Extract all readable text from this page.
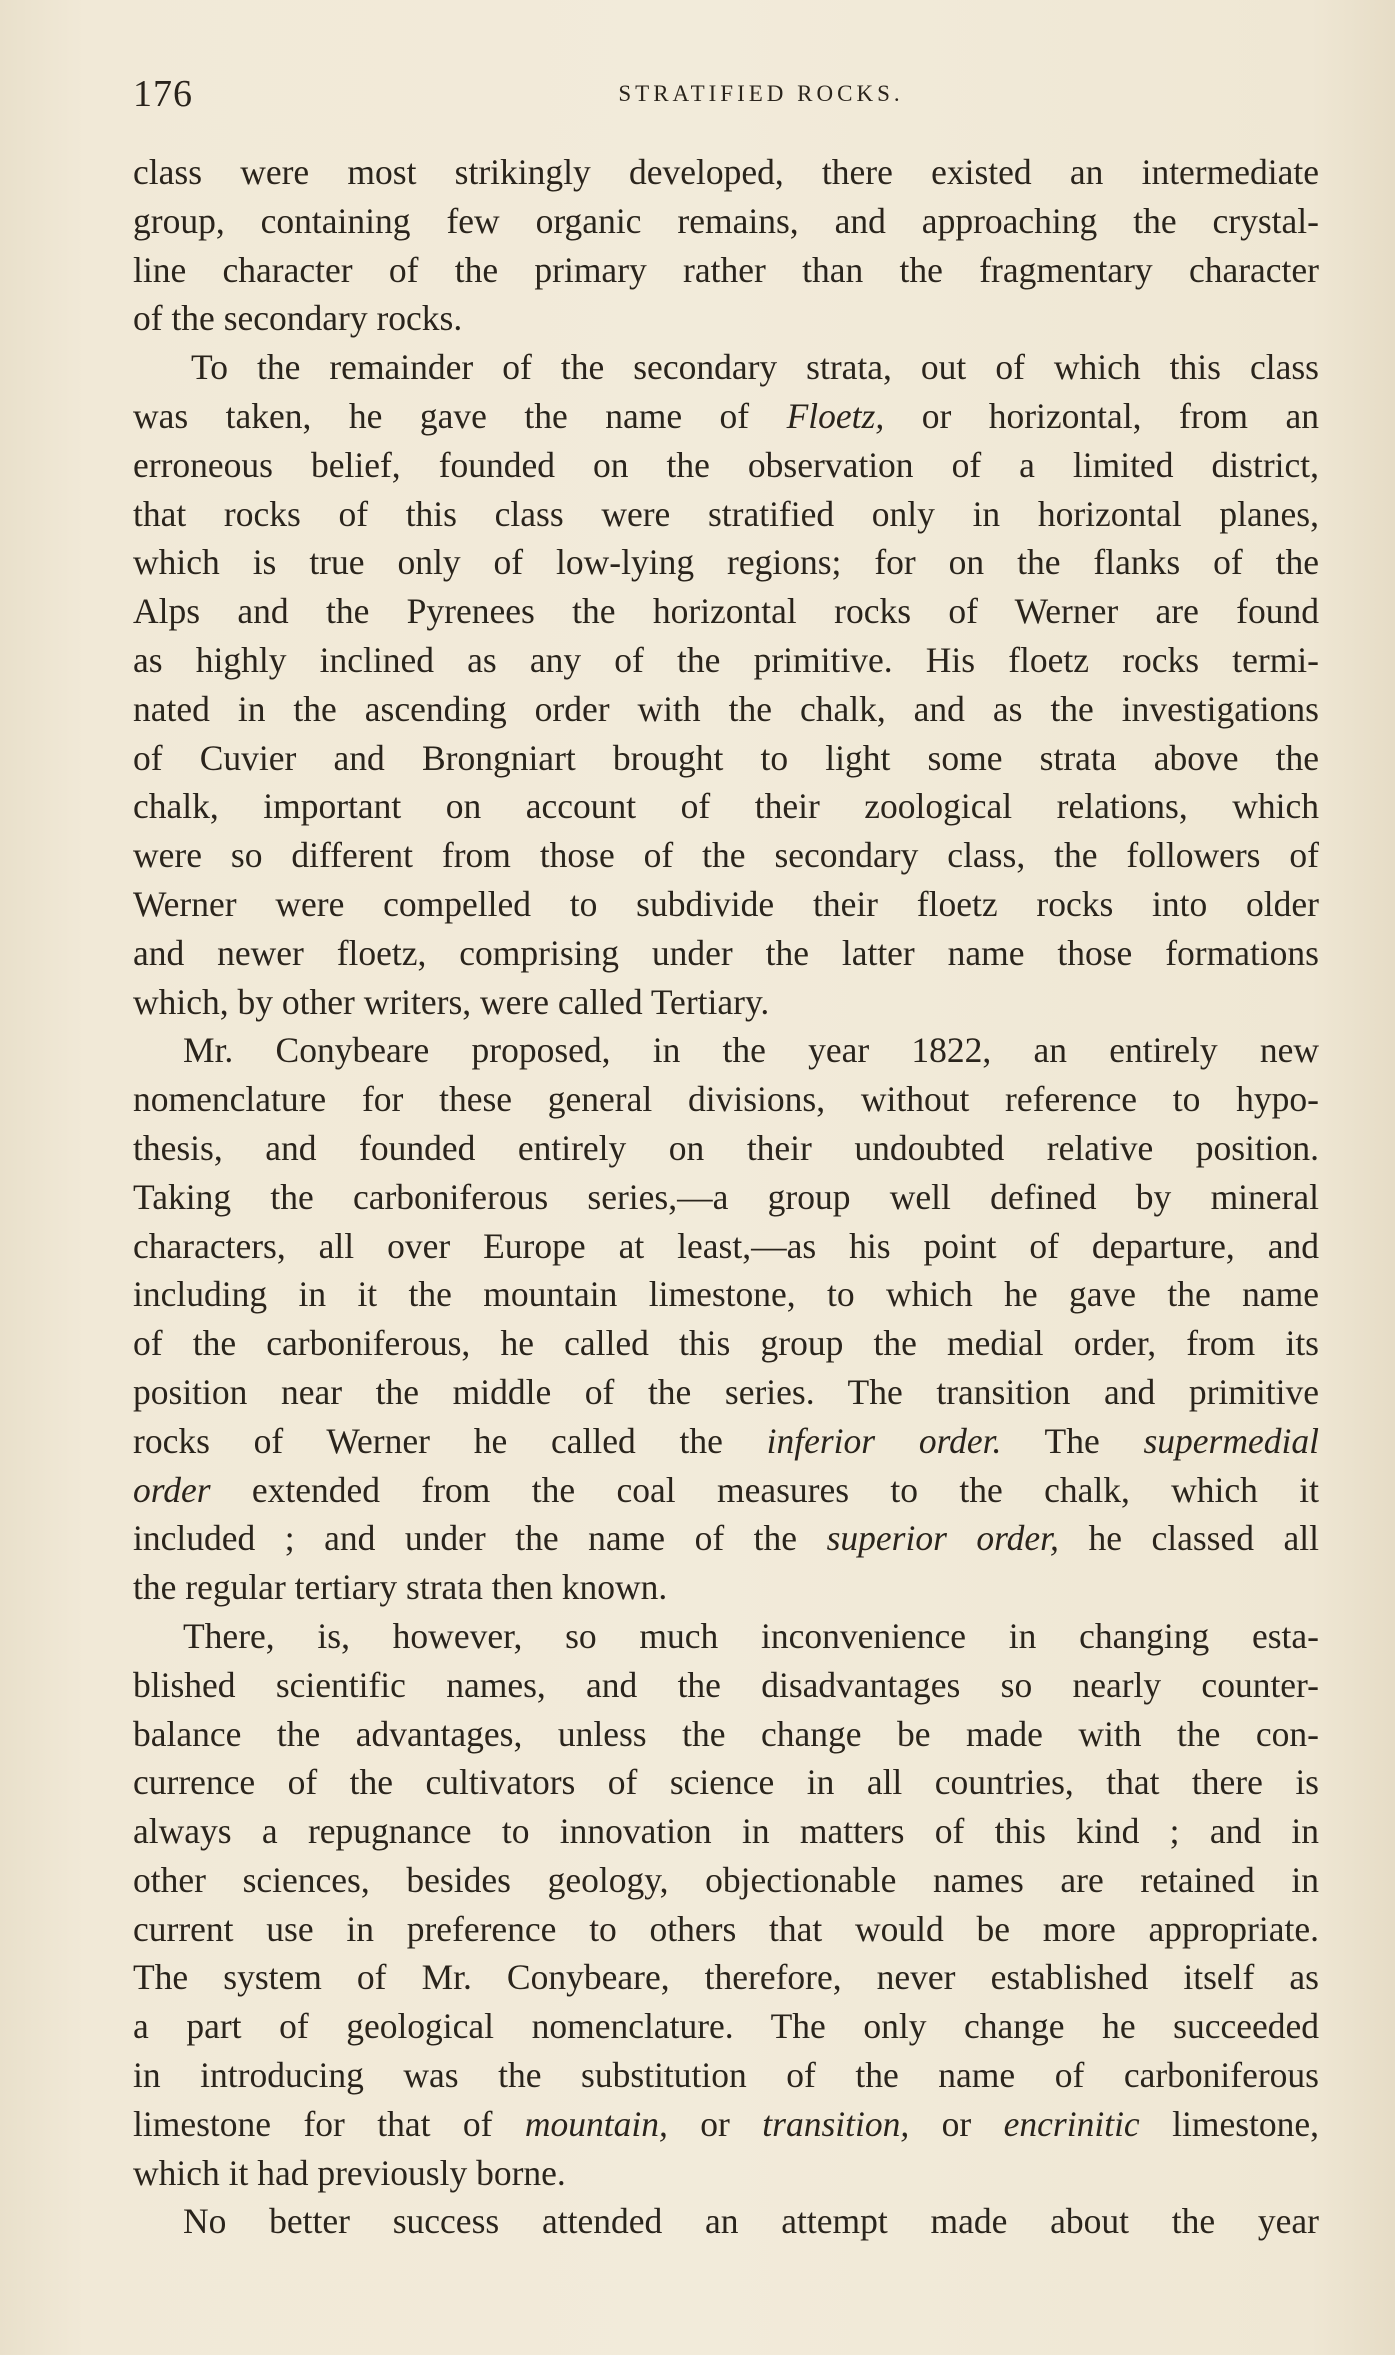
176	STRATIFIED ROCKS.
class were most strikingly developed, there existed an intermediate
group, containing few organic remains, and approaching the crystal-
line character of the primary rather than the fragmentary character
of the secondary rocks.
To the remainder of the secondary strata, out of which this class
was taken, he gave the name of Floetz, or horizontal, from an
erroneous belief, founded on the observation of a limited district,
that rocks of this class were stratified only in horizontal planes,
which is true only of low-lying regions; for on the flanks of the
Alps and the Pyrenees the horizontal rocks of Werner are found
as highly inclined as any of the primitive. His floetz rocks termi-
nated in the ascending order with the chalk, and as the investigations
of Cuvier and Brongniart brought to light some strata above the
chalk, important on account of their zoological relations, which
were so different from those of the secondary class, the followers of
Werner were compelled to subdivide their floetz rocks into older
and newer floetz, comprising under the latter name those formations
which, by other writers, were called Tertiary.
Mr. Conybeare proposed, in the year 1822, an entirely new
nomenclature for these general divisions, without reference to hypo-
thesis, and founded entirely on their undoubted relative position.
Taking the carboniferous series,—a group well defined by mineral
characters, all over Europe at least,—as his point of departure, and
including in it the mountain limestone, to which he gave the name
of the carboniferous, he called this group the medial order, from its
position near the middle of the series. The transition and primitive
rocks of Werner he called the inferior order. The supermedial
order extended from the coal measures to the chalk, which it
included ; and under the name of the superior order, he classed all
the regular tertiary strata then known.
There, is, however, so much inconvenience in changing esta-
blished scientific names, and the disadvantages so nearly counter-
balance the advantages, unless the change be made with the con-
currence of the cultivators of science in all countries, that there is
always a repugnance to innovation in matters of this kind ; and in
other sciences, besides geology, objectionable names are retained in
current use in preference to others that would be more appropriate.
The system of Mr. Conybeare, therefore, never established itself as
a part of geological nomenclature. The only change he succeeded
in introducing was the substitution of the name of carboniferous
limestone for that of mountain, or transition, or encrinitic limestone,
which it had previously borne.
No better success attended an attempt made about the year
